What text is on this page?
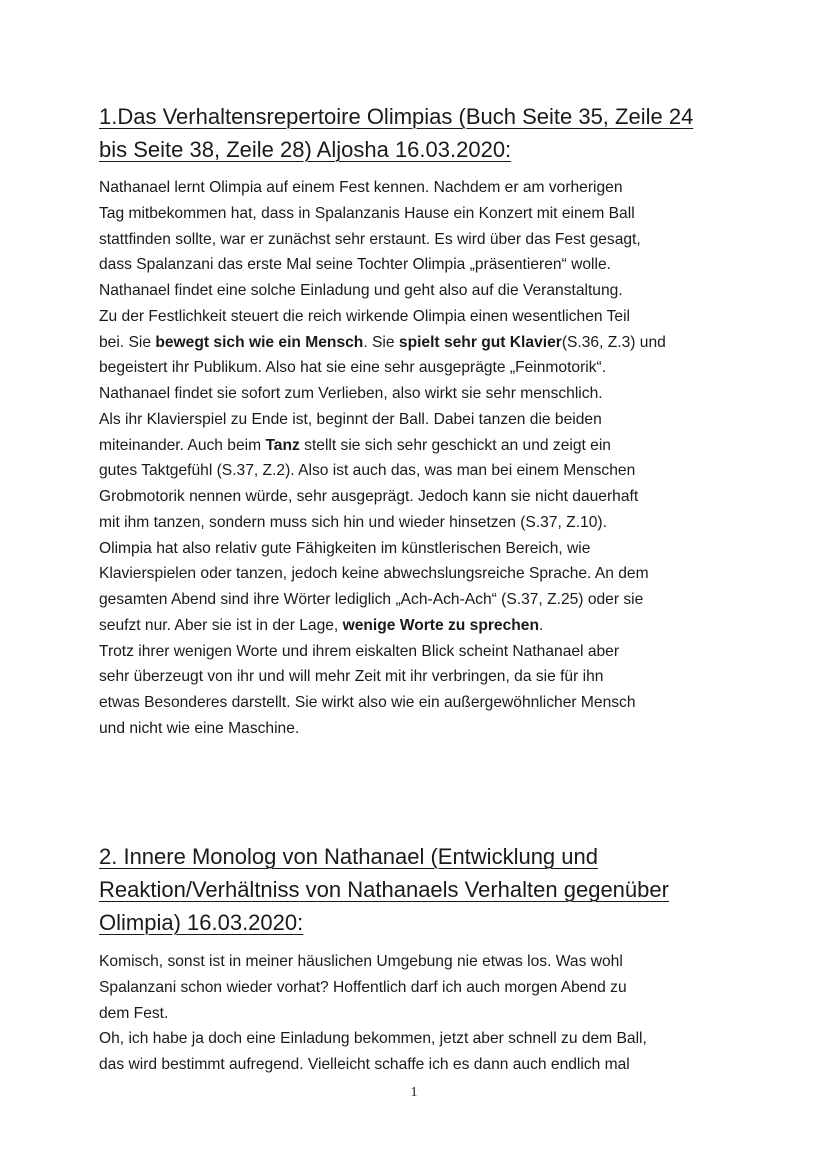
1.Das Verhaltensrepertoire Olimpias (Buch Seite 35, Zeile 24
bis Seite 38, Zeile 28) Aljosha 16.03.2020:
Nathanael lernt Olimpia auf einem Fest kennen. Nachdem er am vorherigen
Tag mitbekommen hat, dass in Spalanzanis Hause ein Konzert mit einem Ball
stattfinden sollte, war er zunächst sehr erstaunt. Es wird über das Fest gesagt,
dass Spalanzani das erste Mal seine Tochter Olimpia „präsentieren“ wolle.
Nathanael findet eine solche Einladung und geht also auf die Veranstaltung.
Zu der Festlichkeit steuert die reich wirkende Olimpia einen wesentlichen Teil
bei. Sie bewegt sich wie ein Mensch. Sie spielt sehr gut Klavier(S.36, Z.3) und
begeistert ihr Publikum. Also hat sie eine sehr ausgeprägte „Feinmotorik“.
Nathanael findet sie sofort zum Verlieben, also wirkt sie sehr menschlich.
Als ihr Klavierspiel zu Ende ist, beginnt der Ball. Dabei tanzen die beiden
miteinander. Auch beim Tanz stellt sie sich sehr geschickt an und zeigt ein
gutes Taktgefühl (S.37, Z.2). Also ist auch das, was man bei einem Menschen
Grobmotorik nennen würde, sehr ausgeprägt. Jedoch kann sie nicht dauerhaft
mit ihm tanzen, sondern muss sich hin und wieder hinsetzen (S.37, Z.10).
Olimpia hat also relativ gute Fähigkeiten im künstlerischen Bereich, wie
Klavierspielen oder tanzen, jedoch keine abwechslungsreiche Sprache. An dem
gesamten Abend sind ihre Wörter lediglich „Ach-Ach-Ach“ (S.37, Z.25) oder sie
seufzt nur. Aber sie ist in der Lage, wenige Worte zu sprechen.
Trotz ihrer wenigen Worte und ihrem eiskalten Blick scheint Nathanael aber
sehr überzeugt von ihr und will mehr Zeit mit ihr verbringen, da sie für ihn
etwas Besonderes darstellt. Sie wirkt also wie ein außergewöhnlicher Mensch
und nicht wie eine Maschine.
2. Innere Monolog von Nathanael (Entwicklung und
Reaktion/Verhältniss von Nathanaels Verhalten gegenüber
Olimpia) 16.03.2020:
Komisch, sonst ist in meiner häuslichen Umgebung nie etwas los. Was wohl
Spalanzani schon wieder vorhat? Hoffentlich darf ich auch morgen Abend zu
dem Fest.
Oh, ich habe ja doch eine Einladung bekommen, jetzt aber schnell zu dem Ball,
das wird bestimmt aufregend. Vielleicht schaffe ich es dann auch endlich mal
1
